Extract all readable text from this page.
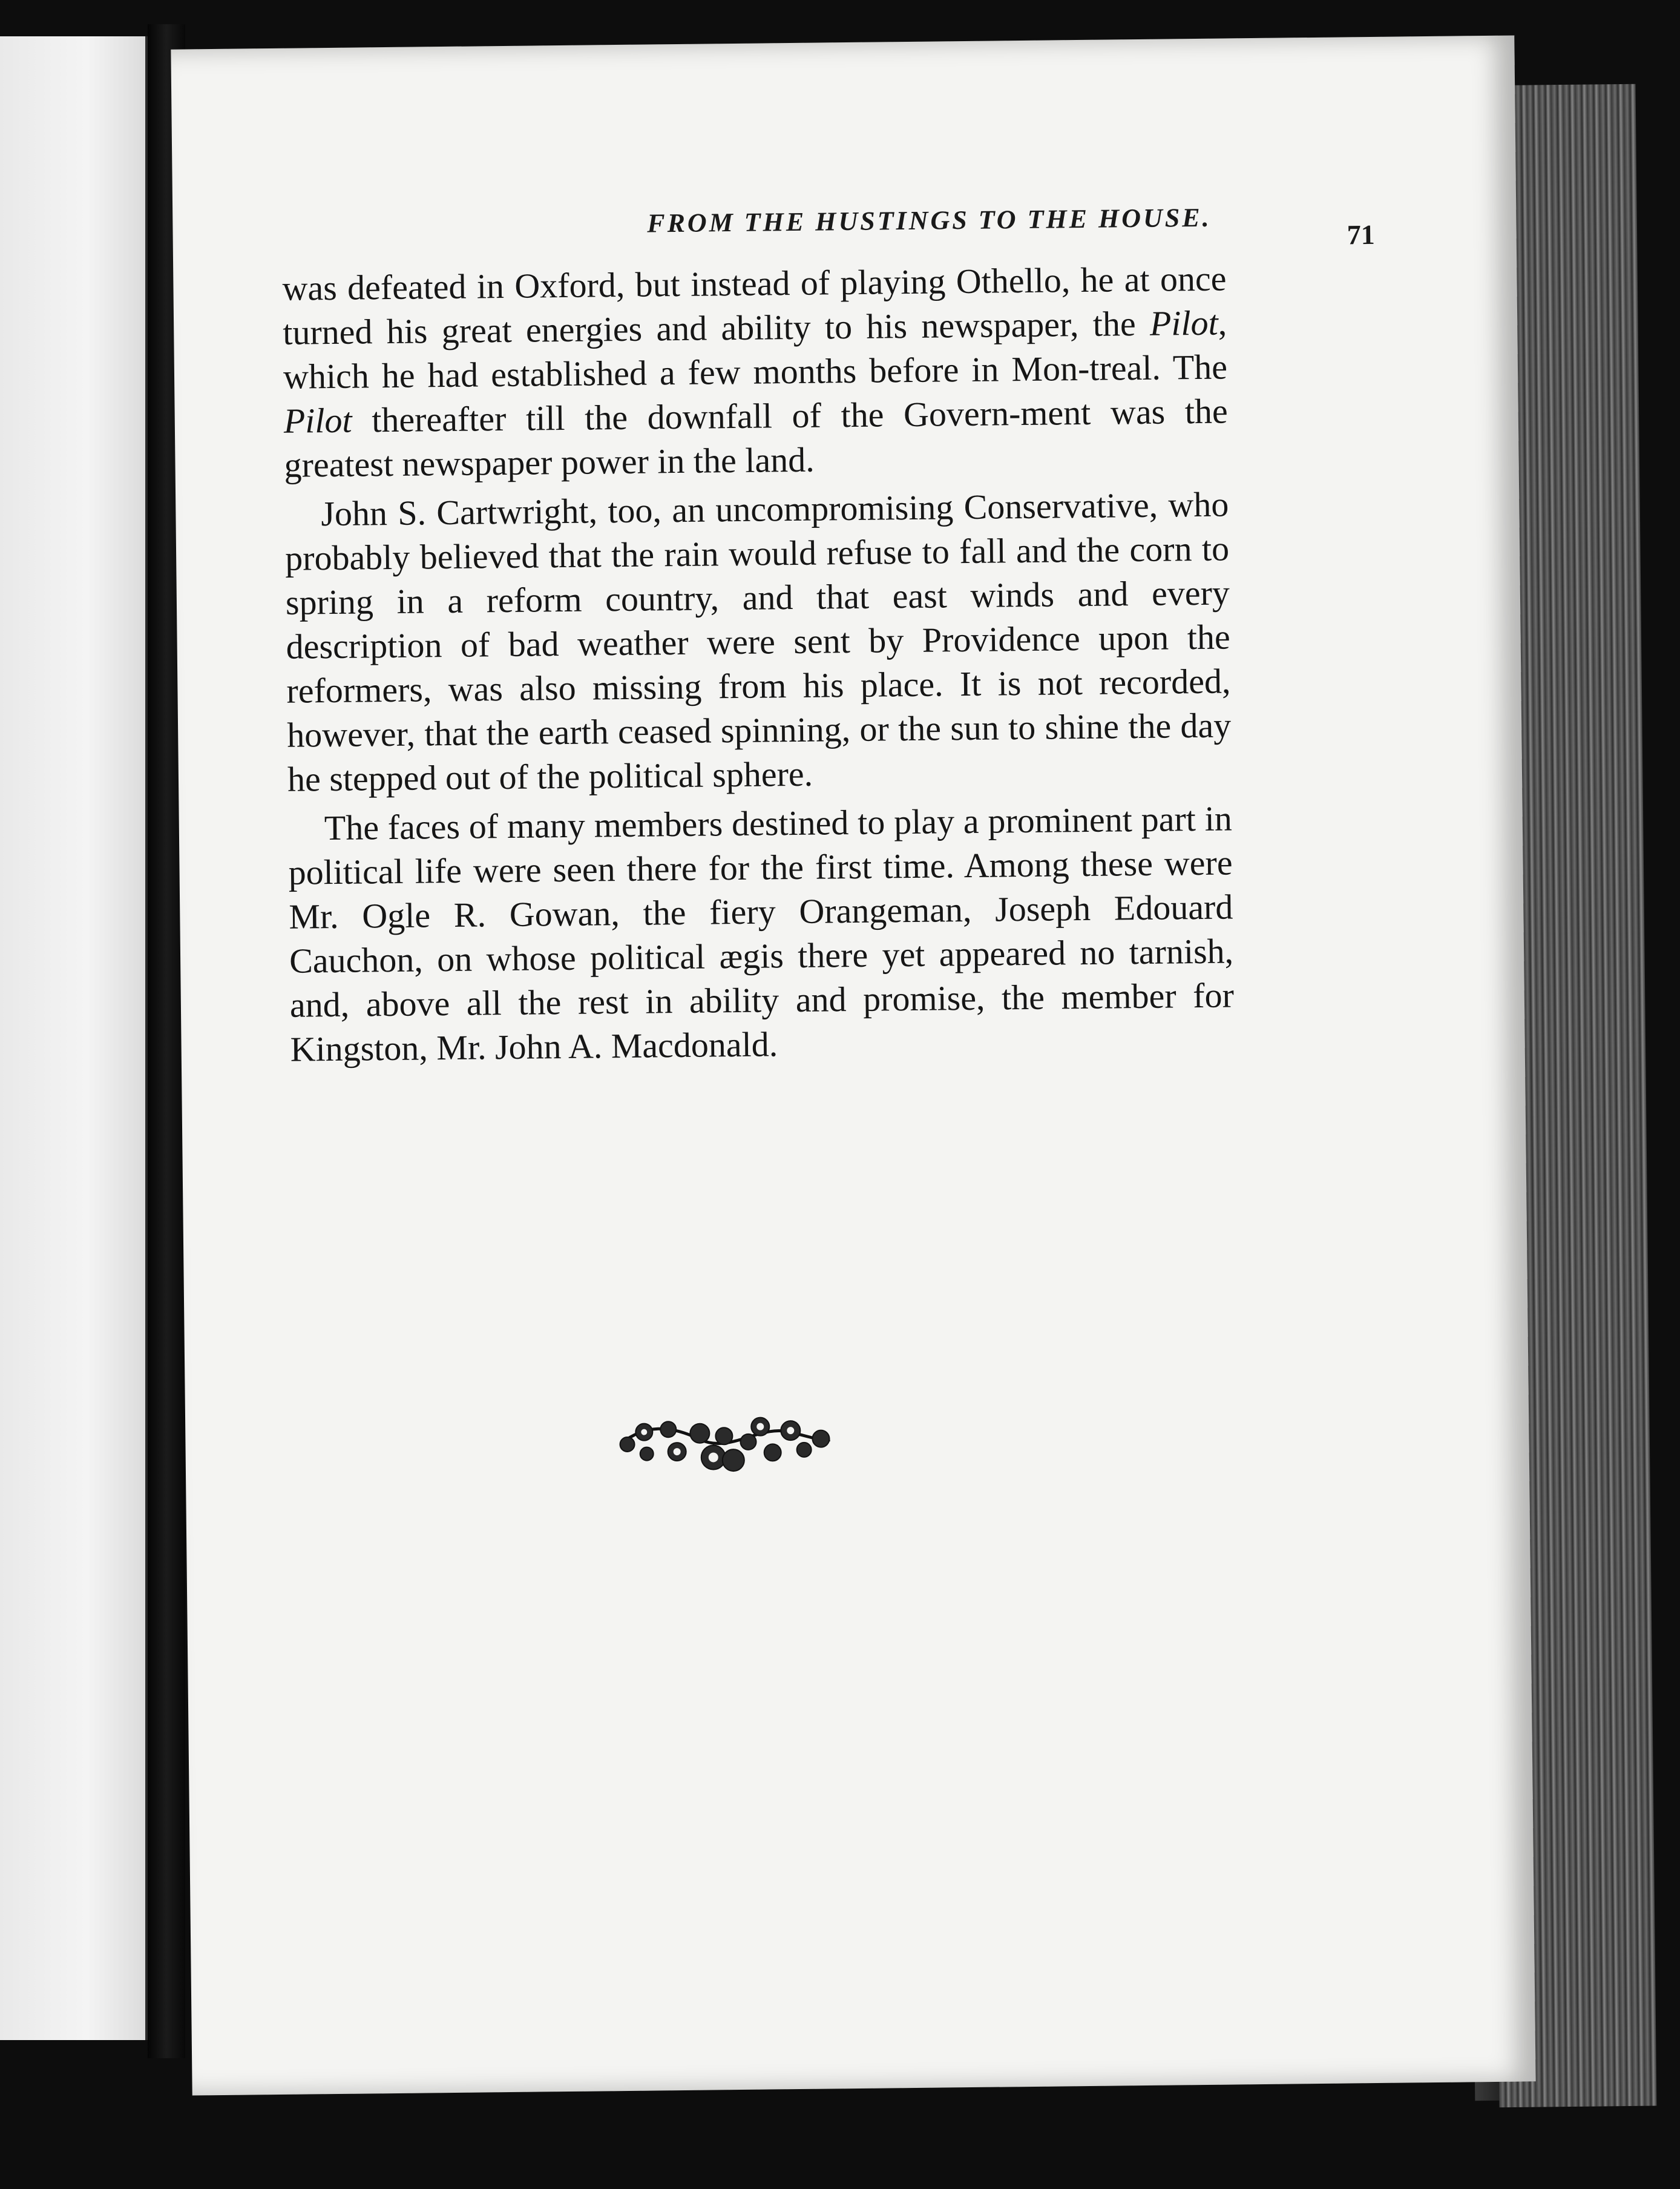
FROM THE HUSTINGS TO THE HOUSE.	71

was defeated in Oxford, but instead of playing Othello, he at once turned his great energies and ability to his newspaper, the Pilot, which he had established a few months before in Mon-treal. The Pilot thereafter till the downfall of the Govern-ment was the greatest newspaper power in the land.

John S. Cartwright, too, an uncompromising Conservative, who probably believed that the rain would refuse to fall and the corn to spring in a reform country, and that east winds and every description of bad weather were sent by Providence upon the reformers, was also missing from his place. It is not recorded, however, that the earth ceased spinning, or the sun to shine the day he stepped out of the political sphere.

The faces of many members destined to play a prominent part in political life were seen there for the first time. Among these were Mr. Ogle R. Gowan, the fiery Orangeman, Joseph Edouard Cauchon, on whose political ægis there yet appeared no tarnish, and, above all the rest in ability and promise, the member for Kingston, Mr. John A. Macdonald.
